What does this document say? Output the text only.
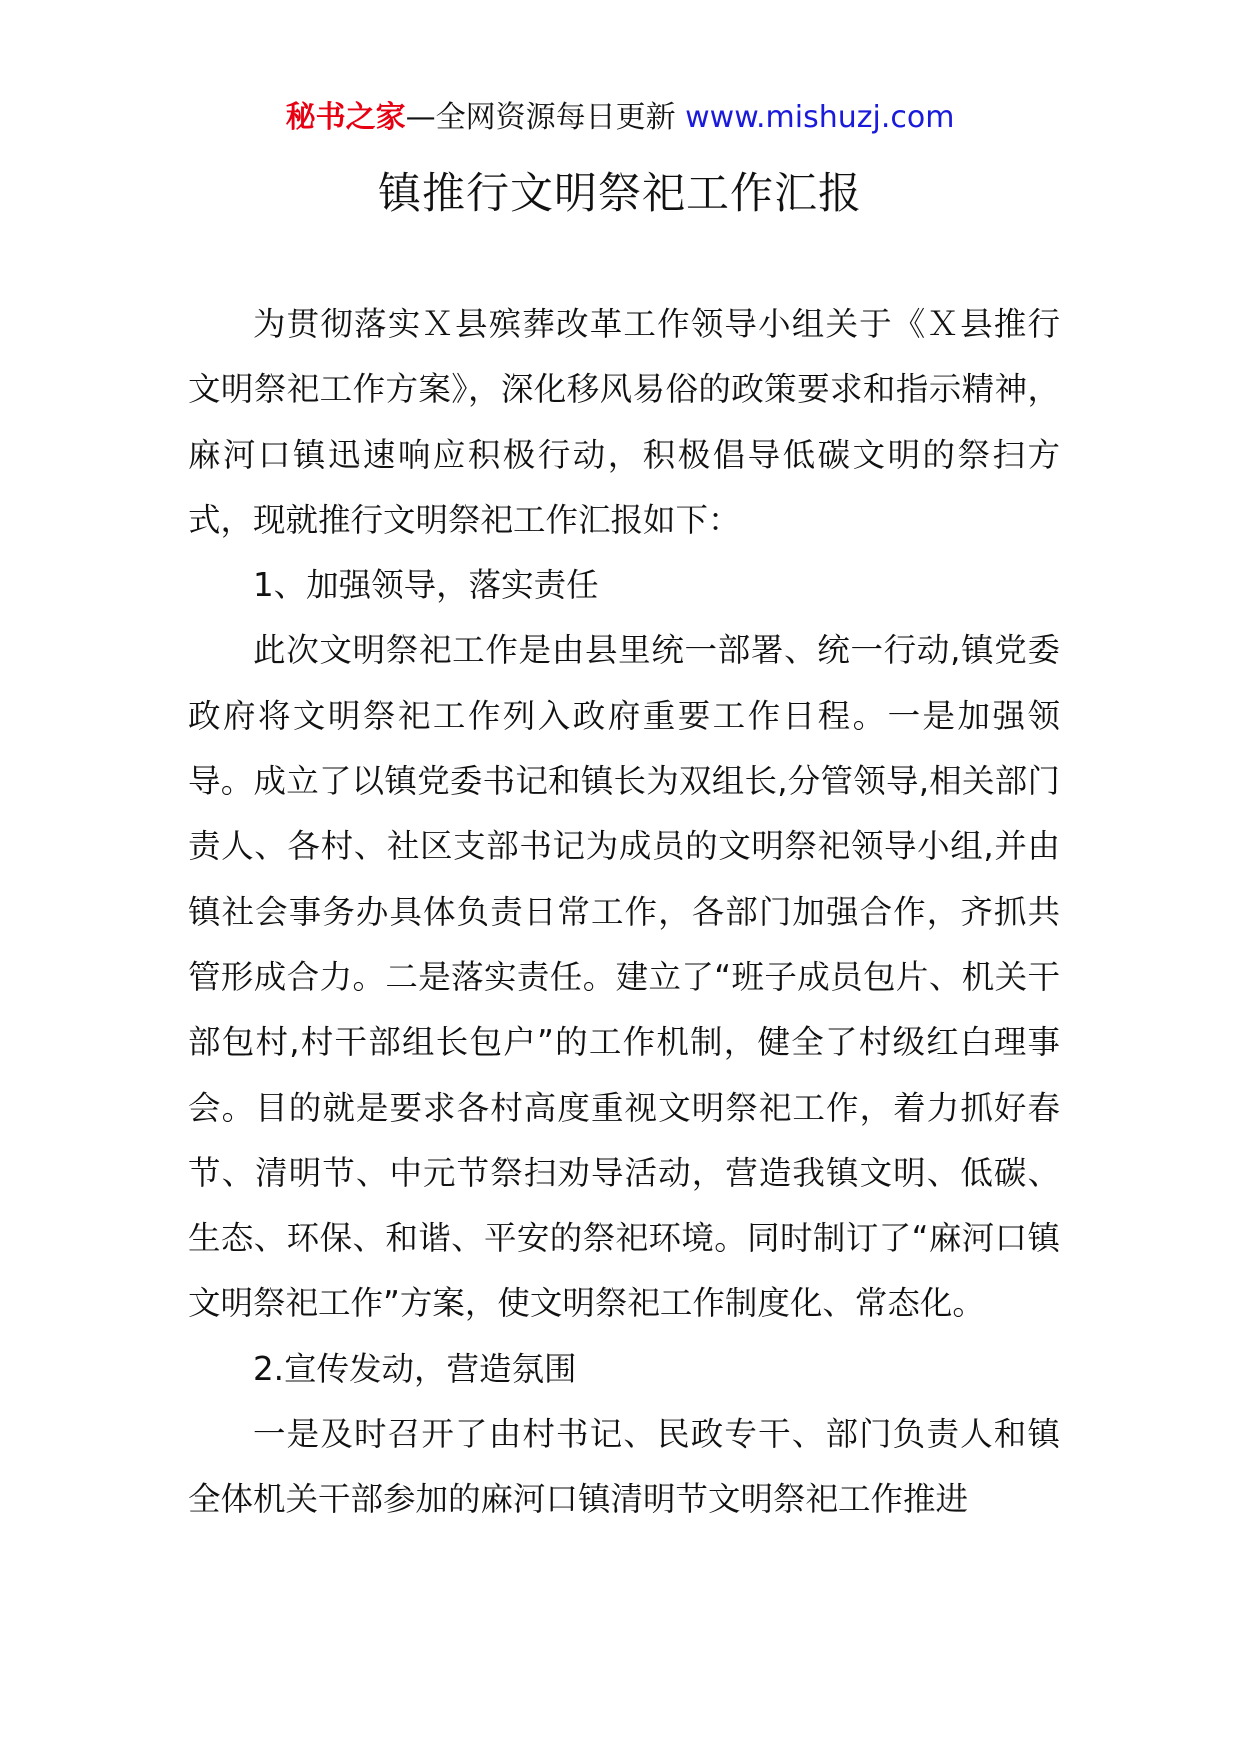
秘书之家—全网资源每日更新 www.mishuzj.com
镇推行文明祭祀工作汇报

为贯彻落实Ｘ县殡葬改革工作领导小组关于《Ｘ县推行文明祭祀工作方案》，深化移风易俗的政策要求和指示精神，麻河口镇迅速响应积极行动，积极倡导低碳文明的祭扫方式，现就推行文明祭祀工作汇报如下：

1、加强领导，落实责任

此次文明祭祀工作是由县里统一部署、统一行动,镇党委政府将文明祭祀工作列入政府重要工作日程。一是加强领导。成立了以镇党委书记和镇长为双组长,分管领导,相关部门责人、各村、社区支部书记为成员的文明祭祀领导小组,并由镇社会事务办具体负责日常工作，各部门加强合作，齐抓共管形成合力。二是落实责任。建立了“班子成员包片、机关干部包村,村干部组长包户”的工作机制，健全了村级红白理事会。目的就是要求各村高度重视文明祭祀工作，着力抓好春节、清明节、中元节祭扫劝导活动，营造我镇文明、低碳、生态、环保、和谐、平安的祭祀环境。同时制订了“麻河口镇文明祭祀工作”方案，使文明祭祀工作制度化、常态化。

2.宣传发动，营造氛围

一是及时召开了由村书记、民政专干、部门负责人和镇全体机关干部参加的麻河口镇清明节文明祭祀工作推进
